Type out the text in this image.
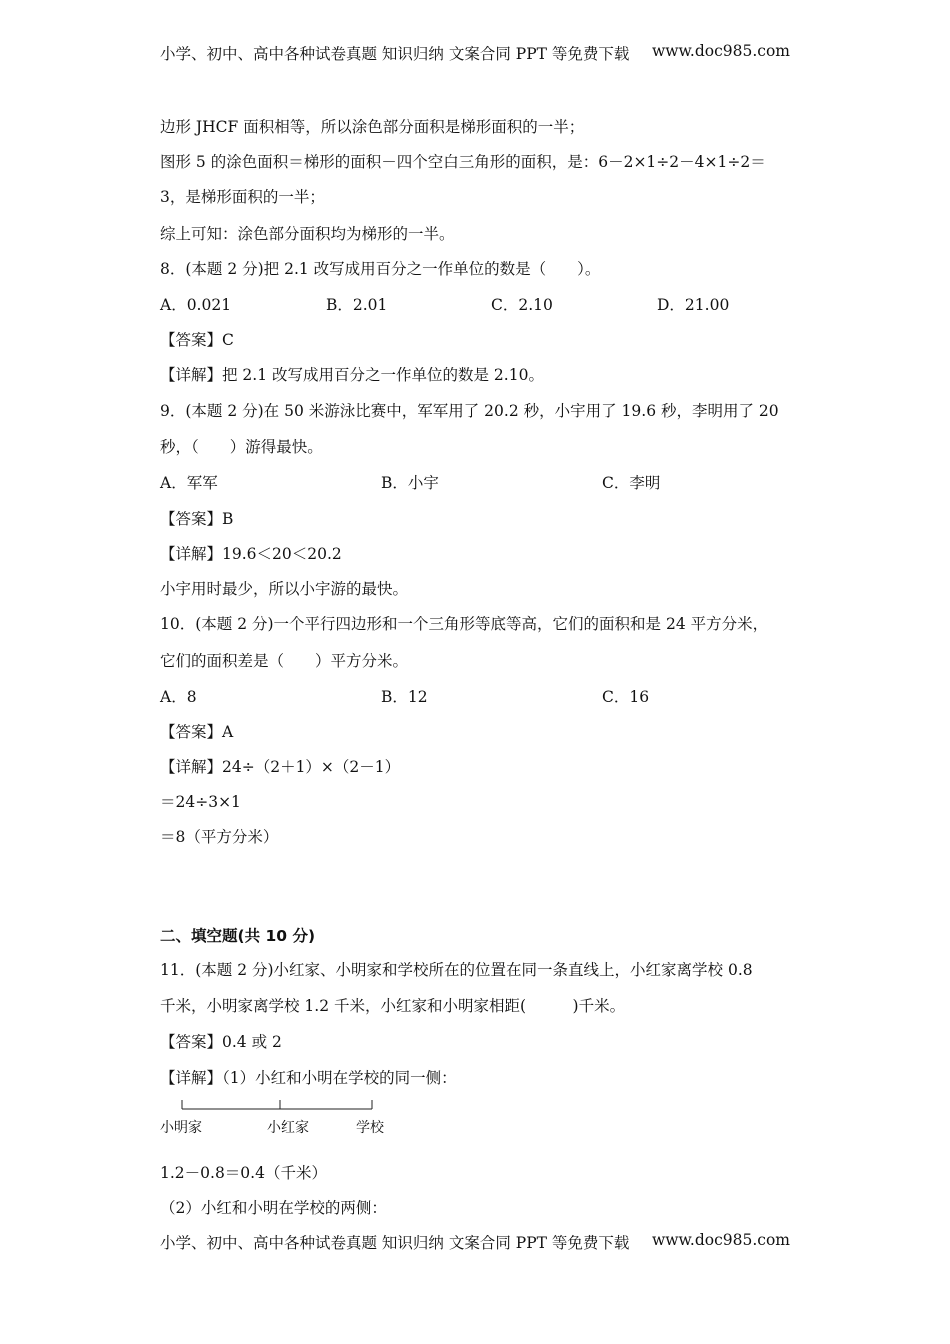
小学、初中、高中各种试卷真题 知识归纳 文案合同 PPT 等免费下载 www.doc985.com
边形 JHCF 面积相等，所以涂色部分面积是梯形面积的一半；
图形 5 的涂色面积＝梯形的面积－四个空白三角形的面积，是：6－2×1÷2－4×1÷2＝
3，是梯形面积的一半；
综上可知：涂色部分面积均为梯形的一半。
8．(本题 2 分)把 2.1 改写成用百分之一作单位的数是（　　）。
A．0.021	B．2.01	C．2.10	D．21.00
【答案】C
【详解】把 2.1 改写成用百分之一作单位的数是 2.10。
9．(本题 2 分)在 50 米游泳比赛中，军军用了 20.2 秒，小宇用了 19.6 秒，李明用了 20
秒，（　　）游得最快。
A．军军	B．小宇	C．李明
【答案】B
【详解】19.6＜20＜20.2
小宇用时最少，所以小宇游的最快。
10．(本题 2 分)一个平行四边形和一个三角形等底等高，它们的面积和是 24 平方分米，
它们的面积差是（　　）平方分米。
A．8	B．12	C．16
【答案】A
【详解】24÷（2＋1）×（2－1）
＝24÷3×1
＝8（平方分米）
二、填空题(共 10 分)
11．(本题 2 分)小红家、小明家和学校所在的位置在同一条直线上，小红家离学校 0.8
千米，小明家离学校 1.2 千米，小红家和小明家相距(　　　)千米。
【答案】0.4 或 2
【详解】（1）小红和小明在学校的同一侧：
小明家	小红家	学校
1.2－0.8＝0.4（千米）
（2）小红和小明在学校的两侧：
小学、初中、高中各种试卷真题 知识归纳 文案合同 PPT 等免费下载 www.doc985.com
